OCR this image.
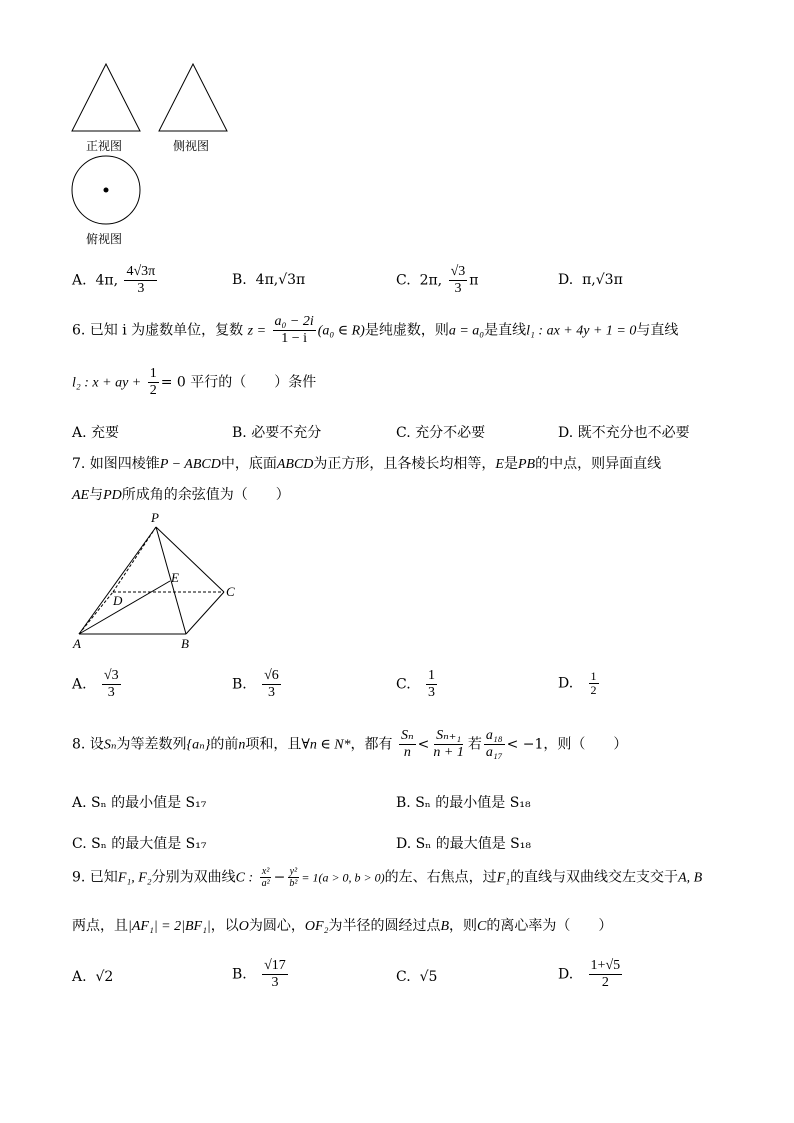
正视图	侧视图
俯视图
A. 4π, $\frac{4√3\pi}{3}$	B. 4π,√3π	C. 2π, $\frac{√3}{3}$ π	D. π,√3π
6. 已知 i 为虚数单位，复数 $z = \frac{\text{a₀ − 2i}}{1 - i} (a_0$ ∈ R)是纯虚数，则a = a₀是直线l₁ : ax + 4y + 1 = 0与直线
l₂ : x + ay + $\frac{1}{2} = 0$ 平行的（　　）条件
A. 充要	B. 必要不充分	C. 充分不必要	D. 既不充分也不必要
7. 如图四棱锥P − ABCD中，底面ABCD为正方形，且各棱长均相等，E是PB的中点，则异面直线
AE与PD所成角的余弦值为（　　）
P
E
D
C
A	B
A. $\frac{√3}{3}$	B. $\frac{√6}{3}$	C. $\frac{1}{3}$	D. $\frac{1}{2}$
8. 设Sₙ为等差数列{aₙ}的前n项和，且∀n ∈ N*，都有 $\frac{\text{Sₙ}}{n} < \frac{\text{Sₙ₊₁}}{n + 1}$ 若 $\frac{\text{a₁₈}}{\text{a₁₇}} < -1$，则（　　）
A. Sₙ 的最小值是 S₁₇	B. Sₙ 的最小值是 S₁₈
C. Sₙ 的最大值是 S₁₇	D. Sₙ 的最大值是 S₁₈
9. 已知F₁, F₂分别为双曲线C : $\frac{\text{x²}}{\text{a²}} - \frac{\text{y²}}{\text{b²}} = 1(a > 0$, b > 0)的左、右焦点，过F₁的直线与双曲线交左支交于A, B
两点，且|AF₁| = 2|BF₁|，以O为圆心，OF₂为半径的圆经过点B，则C的离心率为（　　）
A. √2	B. $\frac{√17}{3}$	C. √5	D. $\frac{1+√5}{2}$
